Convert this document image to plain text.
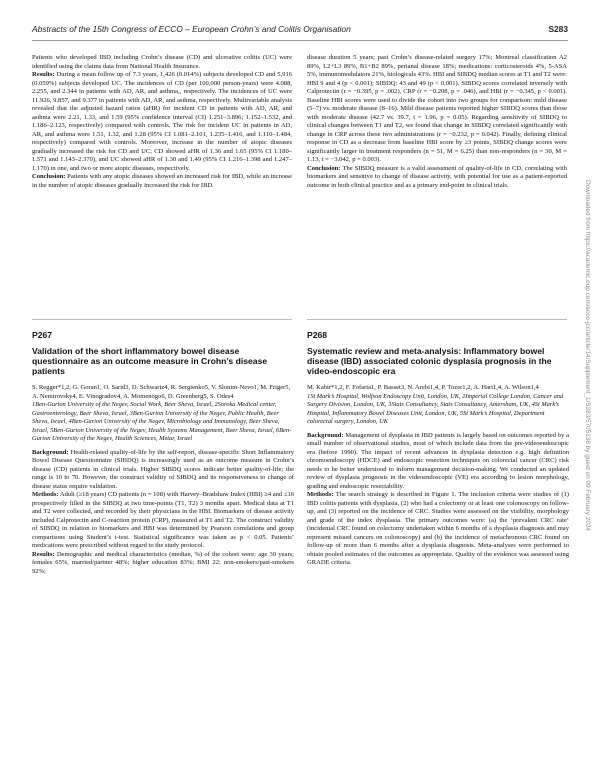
Abstracts of the 15th Congress of ECCO – European Crohn’s and Colitis Organisation	S283

Patients who developed IBD including Crohn’s disease (CD) and ulcerative colitis (UC) were identified using the claims data from National Health Insurance.

Results: During a mean follow up of 7.3 years, 1,426 (0.014%) subjects developed CD and 5,916 (0.059%) subjects developed UC. The incidences of CD (per 100,000 person-years) were 4.088, 2.255, and 2.344 in patients with AD, AR, and asthma,, respectively. The incidences of UC were 11.926, 9.857, and 9.377 in patients with AD, AR, and asthma, respectively. Multivariable analysis revealed that the adjusted hazard ratios (aHR) for incident CD in patients with AD, AR, and asthma were 2.21, 1.33, and 1.59 (95% confidence interval (CI) 1.251–3.896; 1.152–1.532, and 1.186–2.123, respectively) compared with controls. The risk for incident UC in patients in AD, AR, and asthma were 1.51, 1.32, and 1.28 (95% CI 1.081–2.101, 1.235–1.416, and 1.110–1.484, respectively) compared with controls. Moreover, increase in the number of atopic diseases gradually increased the risk for CD and UC; CD showed aHR of 1.36 and 1.65 (95% CI 1.180–1.571 and 1.143–2.370), and UC showed aHR of 1.30 and 1.49 (95% CI 1.216–1.398 and 1.247–1.170) in one, and two or more atopic diseases, respectively.

Conclusion: Patients with any atopic diseases showed an increased risk for IBD, while an increase in the number of atopic diseases gradually increased the risk for IBD.

disease duration 5 years; past Crohn’s disease-related surgery 17%; Montreal classification A2 89%, L2+L3 89%, B1+B2 89%, perianal disease 18%; medications: corticosteroids 4%, 5-ASA 5%, immunomodulators 21%, biologicals 43%. HBI and SIBDQ median scores at T1 and T2 were: HBI 9 and 4 (p < 0.001); SIBDQ: 43 and 49 (p < 0.001). SIBDQ scores correlated inversely with Calprotectin (r = −0.395, p = .002), CRP (r = −0.208, p = .046), and HBI (r = −0.345, p < 0.001). Baseline HBI scores were used to divide the cohort into two groups for comparison: mild disease (5–7) vs. moderate disease (8–16). Mild disease patients reported higher SIBDQ scores than those with moderate disease (42.7 vs. 39.7, t = 1.96, p = 0.05). Regarding sensitivity of SIBDQ to clinical changes between T1 and T2, we found that change in SIBDQ correlated significantly with change in CRP across these two administrations (r = −0.232, p = 0.042). Finally, defining clinical response in CD as a decrease from baseline HBI score by ≥3 points, SIBDQ change scores were significantly larger in treatment responders (n = 51, M = 6.25) than non-responders (n = 30, M = 1.13, t = −3.042, p = 0.003).

Conclusion: The SIBDQ measure is a valid assessment of quality-of-life in CD, correlating with biomarkers and sensitive to change of disease activity, with potential for use as a patient-reported outcome in both clinical practice and as a primary end-point in clinical trials.

P267
Validation of the short inflammatory bowel disease questionnaire as an outcome measure in Crohn’s disease patients
S. Regger*1,2, G. Goran1, O. Sarid3, D. Schwartz4, R. Sergienko5, V. Slonim-Nevo1, M. Friger5, A. Nemirovsky4, E. Vinogradov4, A. Momenogo6, D. Greenberg5, S. Odes4
1Ben-Gurion University of the Negev, Social Work, Beer Sheva, Israel, 2Soroka Medical center, Gastroenterology, Beer Sheva, Israel, 3Ben-Gurion University of the Negev, Public Health, Beer Sheva, Israel, 4Ben-Gurion University of the Negev, Microbiology and Immunology, Beer Sheva, Israel, 5Ben-Gurion University of the Negev, Health Systems Management, Beer Sheva, Israel, 6Ben-Gurion University of the Negev, Health Sciences, Metar, Israel

Background: Health-related quality-of-life by the self-report, disease-specific Short Inflammatory Bowel Disease Questionnaire (SIBDQ) is increasingly used as an outcome measure in Crohn’s disease (CD) patients in clinical trials. Higher SIBDQ scores indicate better quality-of-life; the range is 10 to 70. However, the construct validity of SIBDQ and its responsiveness to change of disease status require validation.

Methods: Adult (≥18 years) CD patients (n = 108) with Harvey–Bradshaw Index (HBI) ≥4 and ≤16 prospectively filled in the SIBDQ at two time-points (T1, T2) 3 months apart. Medical data at T1 and T2 were collected, and recorded by their physicians in the HBI. Biomarkers of disease activity included Calprotectin and C-reaction protein (CRP), measured at T1 and T2. The construct validity of SIBDQ in relation to biomarkers and HBI was determined by Pearson correlations and group comparisons using Student’s t-test. Statistical significance was taken as p < 0.05. Patients’ medications were prescribed without regard to the study protocol.

Results: Demographic and medical characteristics (median, %) of the cohort were: age 30 years; females 65%, married/partner 48%; higher education 83%; BMI 22; non-smokers/past-smokers 92%;

P268
Systematic review and meta-analysis: Inflammatory bowel disease (IBD) associated colonic dysplasia prognosis in the video-endoscopic era
M. Kabir*1,2, F. Fofaria1, P. Basset3, N. Arebi1,4, P. Tozer1,2, A. Hart1,4, A. Wilson1,4
1St Mark’s Hospital, Wolfson Endoscopy Unit, London, UK, 2Imperial College London, Cancer and Surgery Division, London, UK, 3Stats Consultancy, Stats Consultancy, Amersham, UK, 4St Mark’s Hospital, Inflammatory Bowel Diseases Unit, London, UK, 5St Mark’s Hospital, Department colorectal surgery, London, UK

Background: Management of dysplasia in IBD patients is largely based on outcomes reported by a small number of observational studies, most of which include data from the pre-videoendoscopic era (before 1990). The impact of recent advances in dysplasia detection e.g. high definition chromoendoscopy (HDCE) and endoscopic resection techniques on colorectal cancer (CRC) risk needs to be better understood to inform management decision-making. We conducted an updated review of dysplasia prognosis in the videoendoscopic (VE) era according to lesion morphology, grading and endoscopic resectability.

Methods: The search strategy is described in Figure 1. The inclusion criteria were studies of (1) IBD colitis patients with dysplasia, (2) who had a colectomy or at least one colonoscopy on follow-up, and (3) reported on the incidence of CRC. Studies were assessed on the visibility, morphology and grade of the index dysplasia. The primary outcomes were: (a) the ‘prevalent CRC rate’ (incidental CRC found on colectomy undertaken within 6 months of a dysplasia diagnosis and may represent missed cancers on colonoscopy) and (b) the incidence of metachronous CRC found on follow-up of more than 6 months after a dysplasia diagnosis. Meta-analyses were performed to obtain pooled estimates of the outcomes as appropriate. Quality of the evidence was assessed using GRADE criteria.

Downloaded from https://academic.oup.com/ecco-jcc/article/14/Supplement_1/S283/5705138 by guest on 09 February 2024
